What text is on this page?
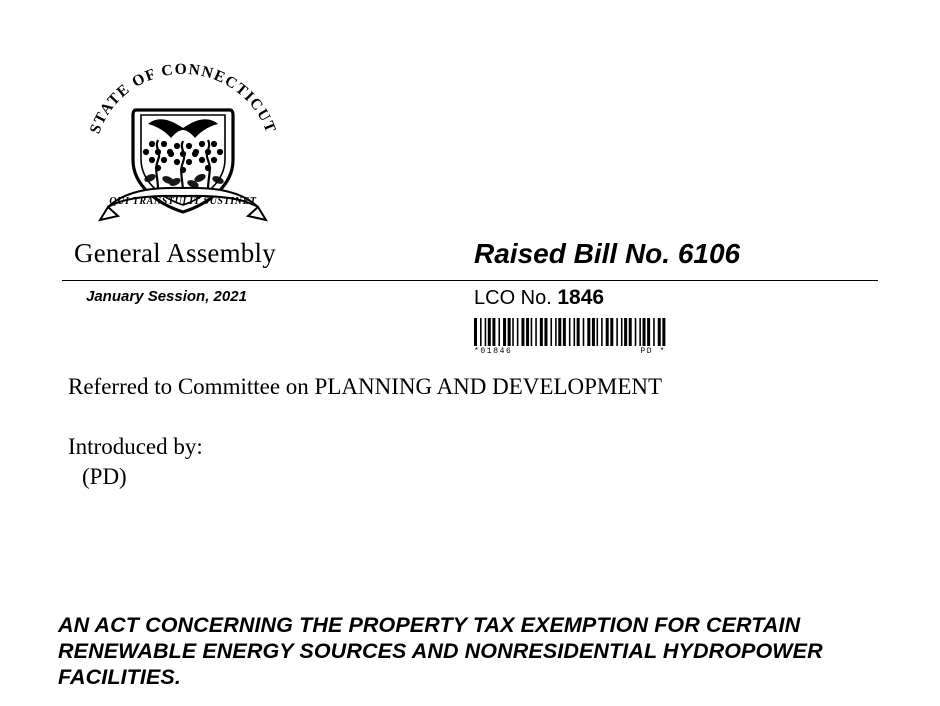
STATE OF CONNECTICUT
QUI TRANSTULIT SUSTINET
General Assembly	Raised Bill No. 6106
January Session, 2021	LCO No. 1846
*01846	PD *
Referred to Committee on PLANNING AND DEVELOPMENT
Introduced by:
(PD)
AN ACT CONCERNING THE PROPERTY TAX EXEMPTION FOR CERTAIN RENEWABLE ENERGY SOURCES AND NONRESIDENTIAL HYDROPOWER FACILITIES.
